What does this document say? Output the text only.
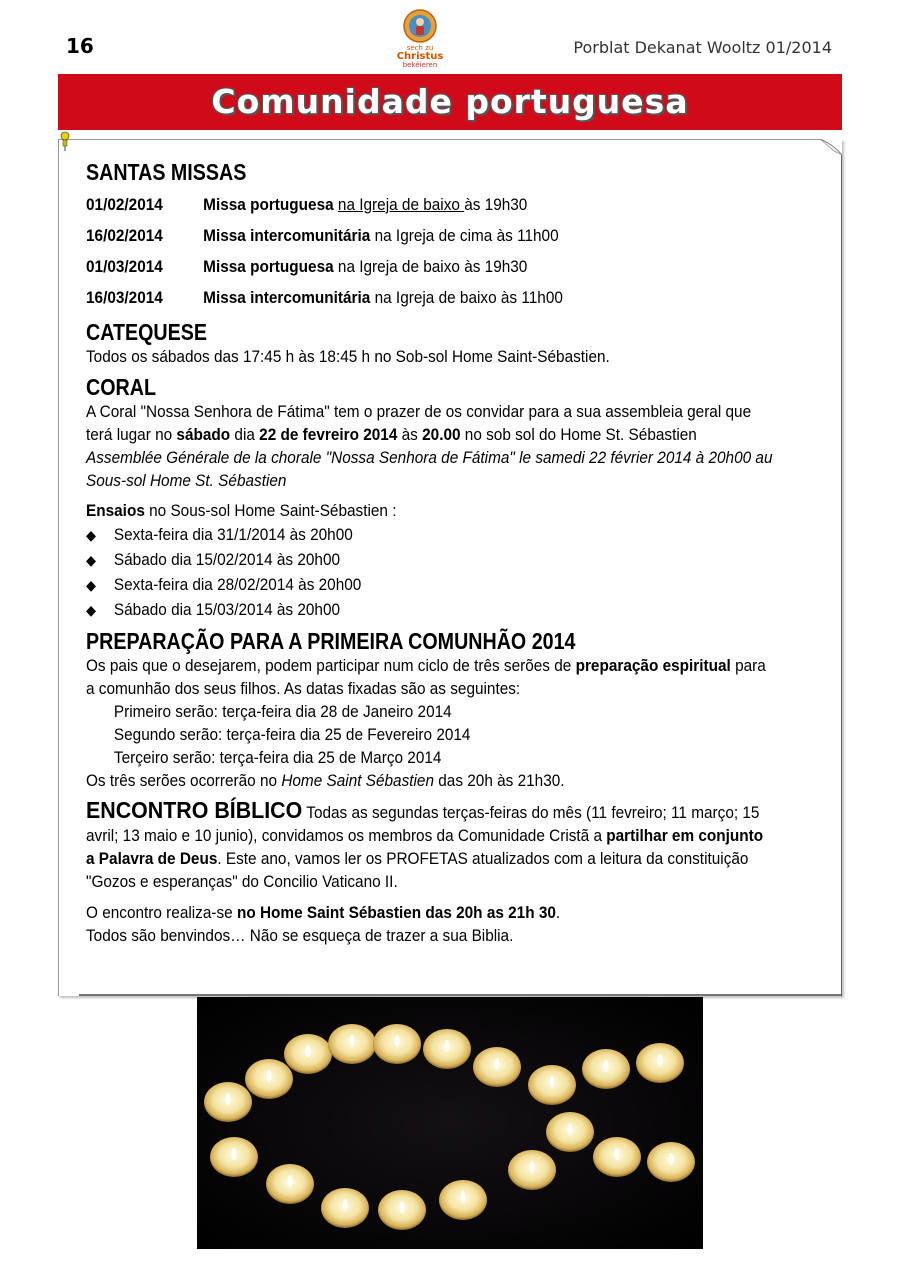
16	sech zu
Christus
bekéieren
Porblat Dekanat Wooltz 01/2014
Comunidade portuguesa
SANTAS MISSAS
01/02/2014	Missa portuguesa na Igreja de baixo às 19h30
16/02/2014	Missa intercomunitária na Igreja de cima às 11h00
01/03/2014	Missa portuguesa na Igreja de baixo às 19h30
16/03/2014	Missa intercomunitária na Igreja de baixo às 11h00
CATEQUESE

Todos os sábados das 17:45 h às 18:45 h no Sob-sol Home Saint-Sébastien.

CORAL

A Coral "Nossa Senhora de Fátima" tem o prazer de os convidar para a sua assembleia geral que terá lugar no sábado dia 22 de fevreiro 2014 às 20.00 no sob sol do Home St. Sébastien

Assemblée Générale de la chorale "Nossa Senhora de Fátima" le samedi 22 février 2014 à 20h00 au Sous-sol Home St. Sébastien

Ensaios no Sous-sol Home Saint-Sébastien :

◆	Sexta-feira dia 31/1/2014 às 20h00
◆	Sábado dia 15/02/2014 às 20h00
◆	Sexta-feira dia 28/02/2014 às 20h00
◆	Sábado dia 15/03/2014 às 20h00
PREPARAÇÃO PARA A PRIMEIRA COMUNHÃO 2014

Os pais que o desejarem, podem participar num ciclo de três serões de preparação espiritual para a comunhão dos seus filhos. As datas fixadas são as seguintes:

Primeiro serão: terça-feira dia 28 de Janeiro 2014

Segundo serão: terça-feira dia 25 de Fevereiro 2014

Terçeiro serão: terça-feira dia 25 de Março 2014

Os três serões ocorrerão no Home Saint Sébastien das 20h às 21h30.

ENCONTRO BÍBLICO Todas as segundas terças-feiras do mês (11 fevreiro; 11 março; 15 avril; 13 maio e 10 junio), convidamos os membros da Comunidade Cristã a partilhar em conjunto a Palavra de Deus. Este ano, vamos ler os PROFETAS atualizados com a leitura da constituição "Gozos e esperanças" do Concilio Vaticano II.

O encontro realiza-se no Home Saint Sébastien das 20h as 21h 30.

Todos são benvindos… Não se esqueça de trazer a sua Biblia.
